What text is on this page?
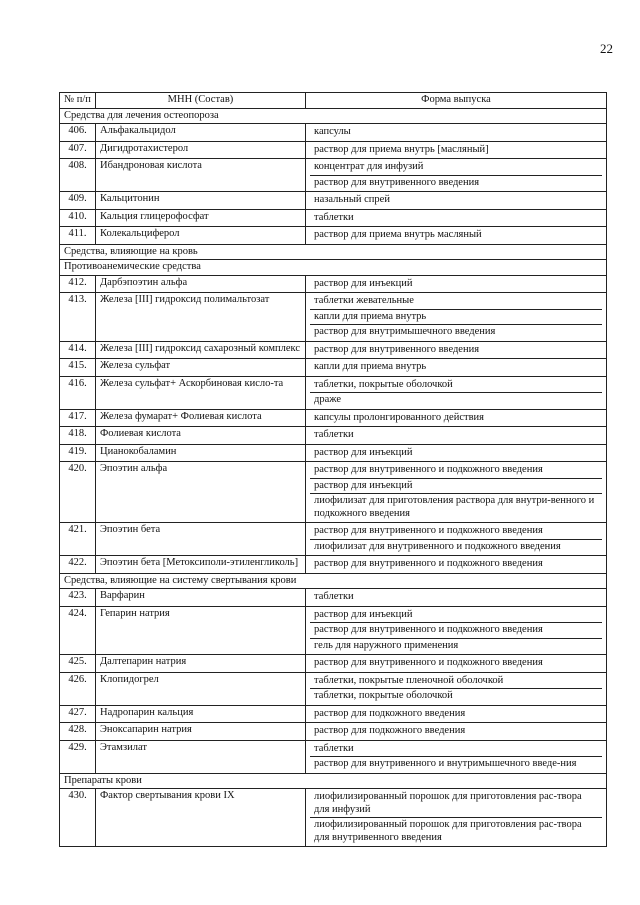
22
№ п/п	МНН (Состав)	Форма выпуска
Средства для лечения остеопороза		
406.	Альфакальцидол	капсулы

407.	Дигидротахистерол	раствор для приема внутрь [масляный]

408.	Ибандроновая кислота	концентрат для инфузий
раствор для внутривенного введения

409.	Кальцитонин	назальный спрей

410.	Кальция глицерофосфат	таблетки

411.	Колекальциферол	раствор для приема внутрь масляный

Средства, влияющие на кровь		
Противоанемические средства		
412.	Дарбэпоэтин альфа	раствор для инъекций

413.	Железа [III] гидроксид полимальтозат	таблетки жевательные
капли для приема внутрь
раствор для внутримышечного введения

414.	Железа [III] гидроксид сахарозный комплекс	раствор для внутривенного введения

415.	Железа сульфат	капли для приема внутрь

416.	Железа сульфат+ Аскорбиновая кисло-та	таблетки, покрытые оболочкой
драже

417.	Железа фумарат+ Фолиевая кислота	капсулы пролонгированного действия

418.	Фолиевая кислота	таблетки

419.	Цианокобаламин	раствор для инъекций

420.	Эпоэтин альфа	раствор для внутривенного и подкожного введения
раствор для инъекций
лиофилизат для приготовления раствора для внутри-венного и подкожного введения

421.	Эпоэтин бета	раствор для внутривенного и подкожного введения
лиофилизат для внутривенного и подкожного введения

422.	Эпоэтин бета [Метоксиполи-этиленгликоль]	раствор для внутривенного и подкожного введения

Средства, влияющие на систему свертывания крови		
423.	Варфарин	таблетки

424.	Гепарин натрия	раствор для инъекций
раствор для внутривенного и подкожного введения
гель для наружного применения

425.	Далтепарин натрия	раствор для внутривенного и подкожного введения

426.	Клопидогрел	таблетки, покрытые пленочной оболочкой
таблетки, покрытые оболочкой

427.	Надропарин кальция	раствор для подкожного введения

428.	Эноксапарин натрия	раствор для подкожного введения

429.	Этамзилат	таблетки
раствор для внутривенного и внутримышечного введе-ния

Препараты крови		
430.	Фактор свертывания крови IX	лиофилизированный порошок для приготовления рас-твора для инфузий
лиофилизированный порошок для приготовления рас-твора для внутривенного введения
